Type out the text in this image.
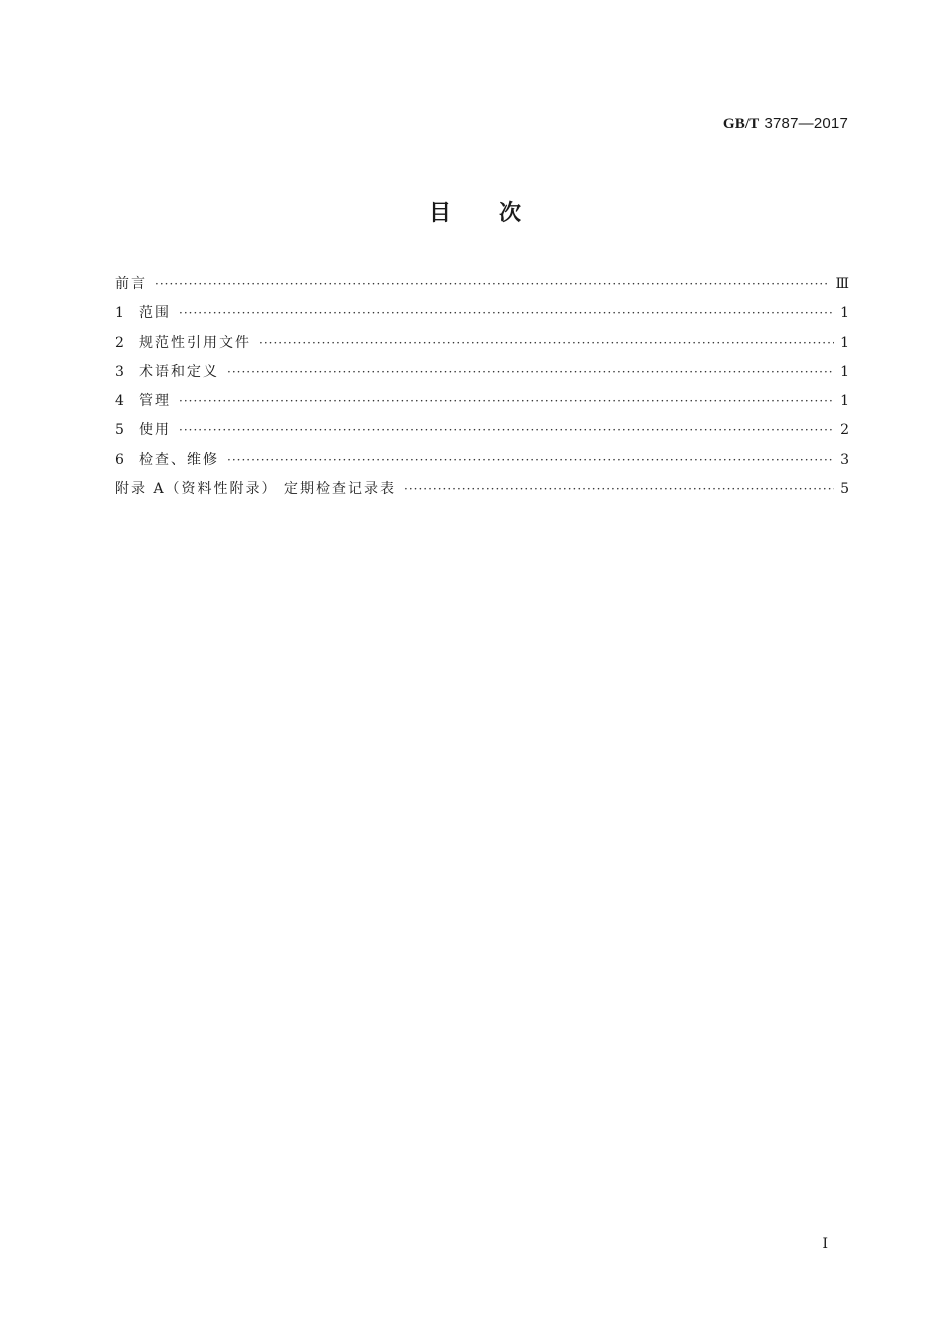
GB/T 3787—2017
目次
前言 ·····	Ⅲ
1 范围 ·····	1
2 规范性引用文件 ·····	1
3 术语和定义 ·····	1
4 管理 ·····	1
5 使用 ·····	2
6 检查、维修 ·····	3
附录 A（资料性附录） 定期检查记录表 ·····	5
I
